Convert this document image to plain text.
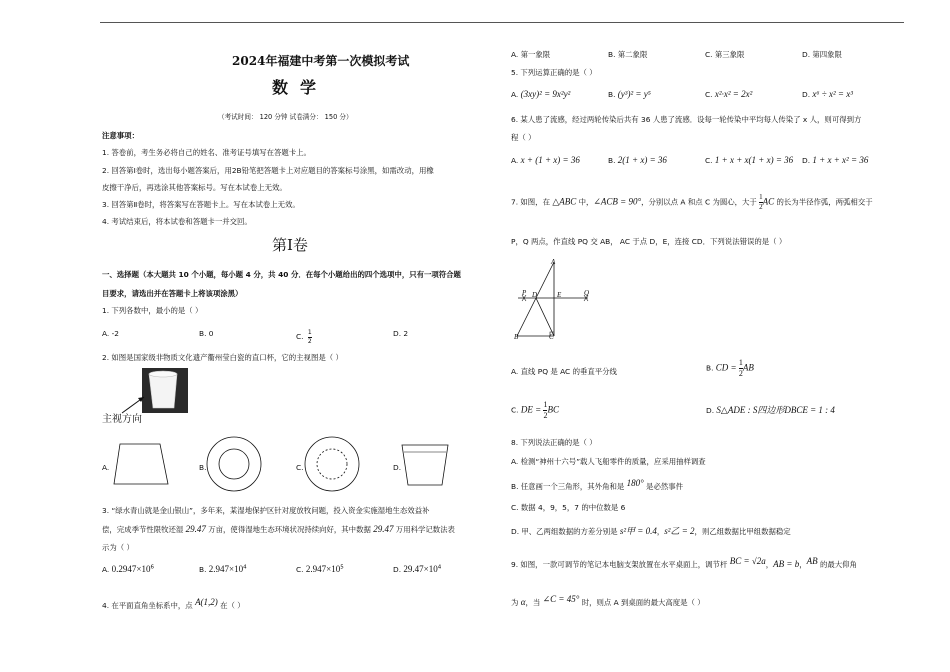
2024年福建中考第一次模拟考试
数学
（考试时间： 120 分钟 试卷满分： 150 分）
注意事项：
1. 答卷前，考生务必将自己的姓名、准考证号填写在答题卡上。
2. 回答第Ⅰ卷时，选出每小题答案后，用2B铅笔把答题卡上对应题目的答案标号涂黑，如需改动，用橡
皮擦干净后，再选涂其他答案标号。写在本试卷上无效。
3. 回答第Ⅱ卷时，将答案写在答题卡上。写在本试卷上无效。
4. 考试结束后，将本试卷和答题卡一并交回。
第Ⅰ卷
一、选择题（本大题共 10 个小题，每小题 4 分，共 40 分．在每个小题给出的四个选项中，只有一项符合题
目要求，请选出并在答题卡上将该项涂黑）
1. 下列各数中，最小的是（ ）
A. -2	B. 0	C. $\frac{1}{2}$	D. 2
2. 如图是国家级非物质文化遗产衢州莹白瓷的直口杯，它的主视图是（ ）
主视方向
A.	B.	C.	D.
3. “绿水青山就是金山银山”，多年来，某湿地保护区针对度放牧问题，投入资金实施湿地生态效益补
偿，完成季节性限牧还湿 29.47 万亩，使得湿地生态环境状况持续向好，其中数据 29.47 万用科学记数法表
示为（ ）
A. $0.2947\times 10^6$	B. $2.947\times 10^4$	C. $2.947\times 10^5$	D. $29.47\times 10^4$
4. 在平面直角坐标系中，点 A(1,2) 在（ ）
A. 第一象限	B. 第二象限	C. 第三象限	D. 第四象限
5. 下列运算正确的是（ ）
A. (3xy)² = 9x²y²	B. (y³)² = y⁵	C. x²·x² = 2x²	D. x⁶ ÷ x² = x³
6. 某人患了流感，经过两轮传染后共有 36 人患了流感．设每一轮传染中平均每人传染了 x 人，则可得到方
程（ ）
A. x + (1 + x) = 36	B. 2(1 + x) = 36	C. 1 + x + x(1 + x) = 36 D. 1 + x + x² = 36
7. 如图，在 △ABC 中，∠ACB = 90°，分别以点 A 和点 C 为圆心，大于 $\frac{1}{2}$ AC 的长为半径作弧，两弧相交于
P，Q 两点，作直线 PQ 交 AB， AC 于点 D，E，连接 CD．下列说法错误的是（ ）
A
P D	E	Q
B	C
A. 直线 PQ 是 AC 的垂直平分线	B. CD = $\frac{1}{2}$ AB
C. DE = $\frac{1}{2}$ BC	D. S△ADE : S四边形DBCE = 1 : 4
8. 下列说法正确的是（ ）
A. 检测“神州十六号”载人飞船零件的质量，应采用抽样调查
B. 任意画一个三角形，其外角和是 180° 是必然事件
C. 数据 4，9，5，7 的中位数是 6
D. 甲、乙两组数据的方差分别是 s²甲 = 0.4，s²乙 = 2，则乙组数据比甲组数据稳定
9. 如图，一款可调节的笔记本电脑支架放置在水平桌面上，调节杆 BC = √2a，AB = b，AB 的最大仰角
为 α，当 ∠C = 45° 时，则点 A 到桌面的最大高度是（ ）
